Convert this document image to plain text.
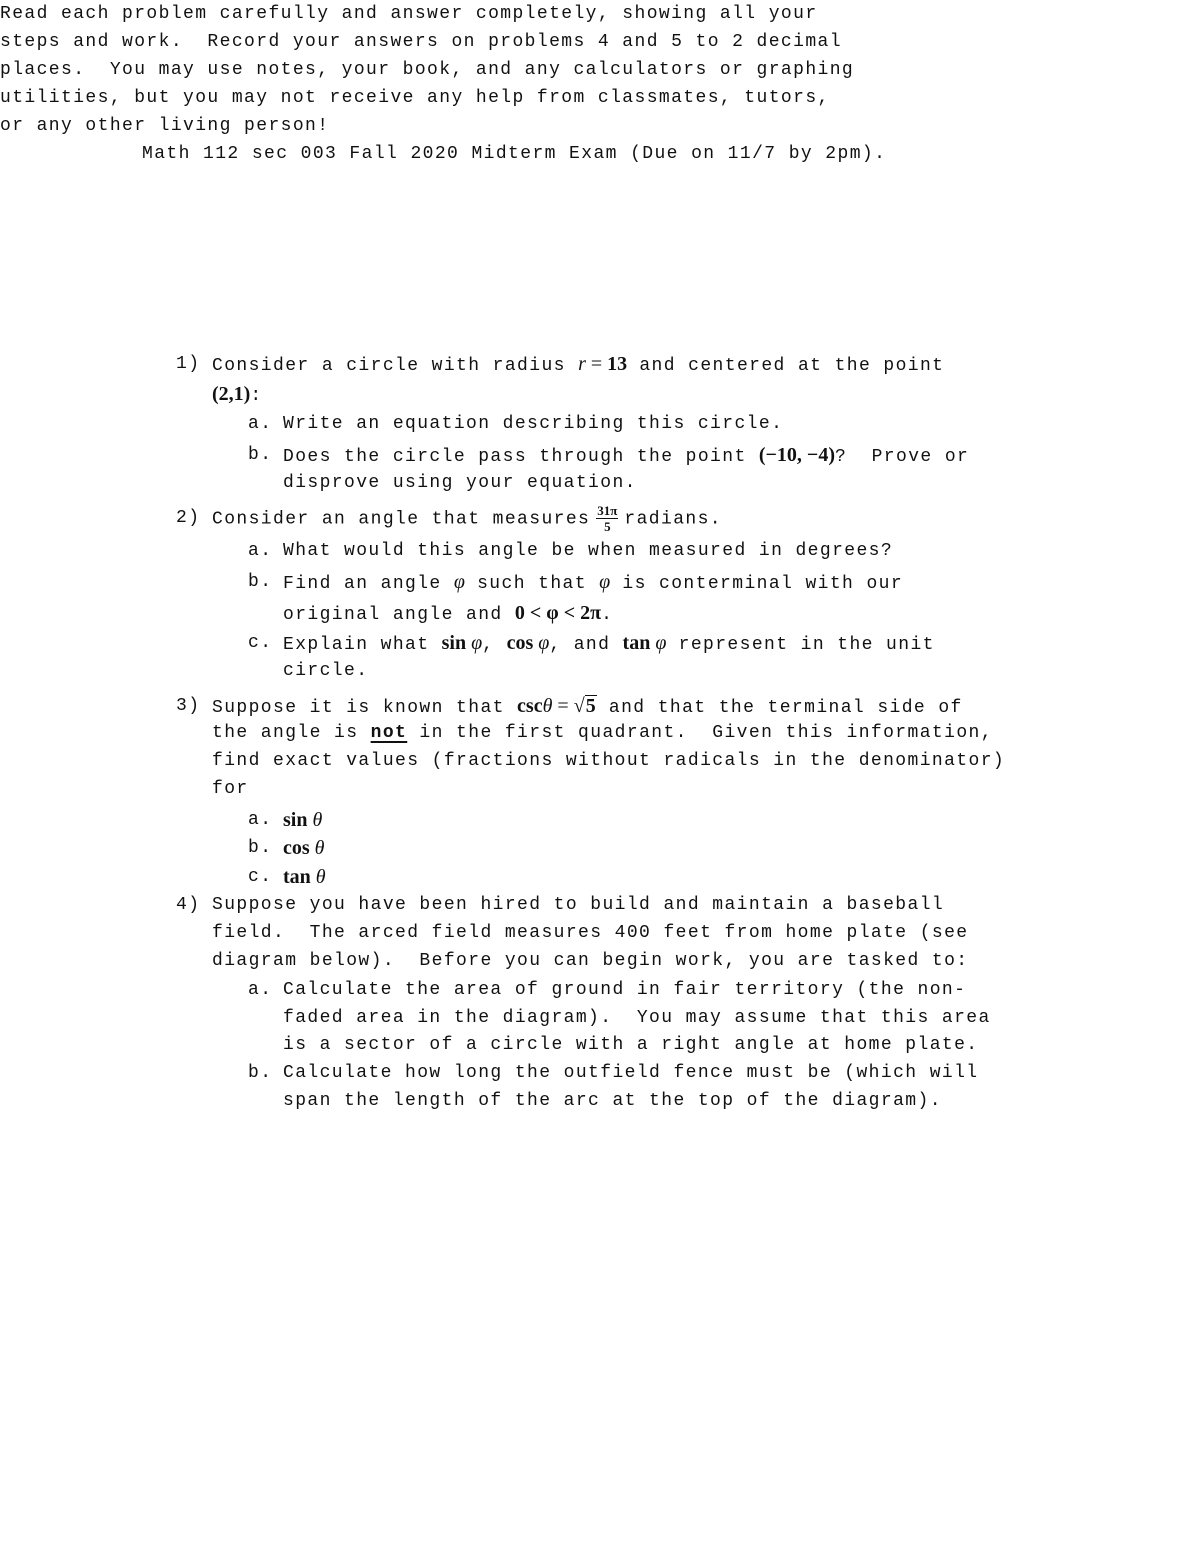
Math 112 sec 003 Fall 2020 Midterm Exam (Due on 11/7 by 2pm).
Read each problem carefully and answer completely, showing all your
steps and work.  Record your answers on problems 4 and 5 to 2 decimal
places.  You may use notes, your book, and any calculators or graphing
utilities, but you may not receive any help from classmates, tutors,
or any other living person!
1) Consider a circle with radius r = 13 and centered at the point
(2,1):
a. Write an equation describing this circle.
b. Does the circle pass through the point (−10, −4)?  Prove or
disprove using your equation.
2) Consider an angle that measures $\frac{31\pi}{5}$ radians.
a. What would this angle be when measured in degrees?
b. Find an angle φ such that φ is conterminal with our
original angle and 0 < φ < 2π.
c. Explain what sin φ, cos φ, and tan φ represent in the unit
circle.
3) Suppose it is known that cscθ = √5 and that the terminal side of
the angle is not in the first quadrant.  Given this information,
find exact values (fractions without radicals in the denominator)
for
a. sin θ
b. cos θ
c. tan θ
4) Suppose you have been hired to build and maintain a baseball
field.  The arced field measures 400 feet from home plate (see
diagram below).  Before you can begin work, you are tasked to:
a. Calculate the area of ground in fair territory (the non-
faded area in the diagram).  You may assume that this area
is a sector of a circle with a right angle at home plate.
b. Calculate how long the outfield fence must be (which will
span the length of the arc at the top of the diagram).
